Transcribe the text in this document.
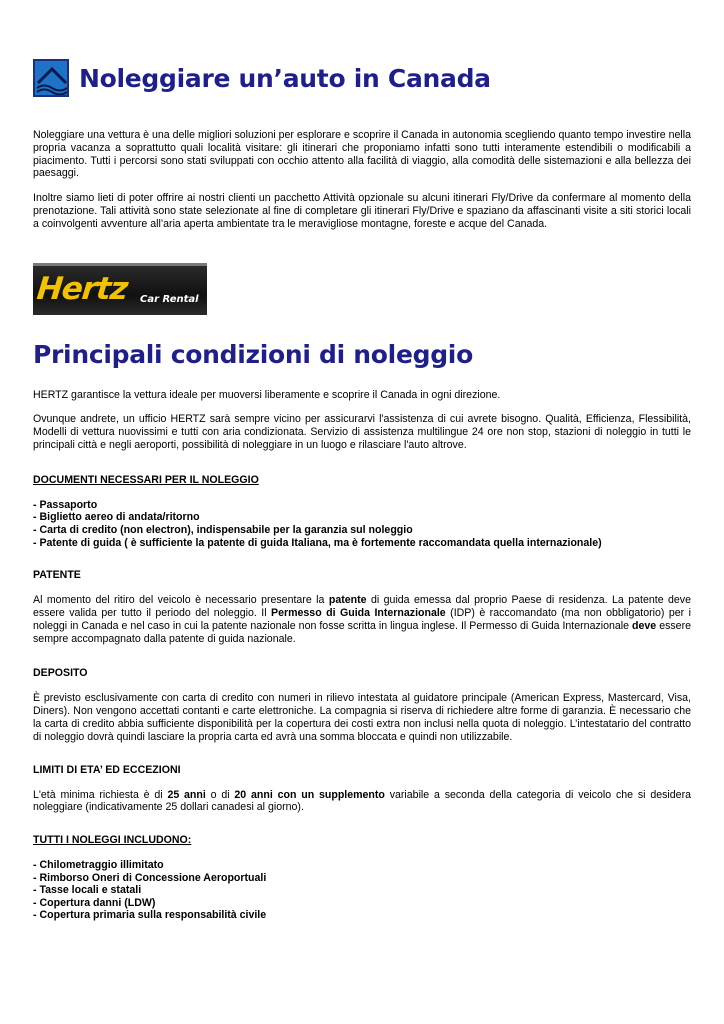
Noleggiare un’auto in Canada

Noleggiare una vettura è una delle migliori soluzioni per esplorare e scoprire il Canada in autonomia scegliendo quanto tempo investire nella propria vacanza a soprattutto quali località visitare: gli itinerari che proponiamo infatti sono tutti interamente estendibili o modificabili a piacimento. Tutti i percorsi sono stati sviluppati con occhio attento alla facilità di viaggio, alla comodità delle sistemazioni e alla bellezza dei paesaggi.

Inoltre siamo lieti di poter offrire ai nostri clienti un pacchetto Attività opzionale su alcuni itinerari Fly/Drive da confermare al momento della prenotazione. Tali attività sono state selezionate al fine di completare gli itinerari Fly/Drive e spaziano da affascinanti visite a siti storici locali a coinvolgenti avventure all’aria aperta ambientate tra le meravigliose montagne, foreste e acque del Canada.

Hertz Car Rental
Principali condizioni di noleggio

HERTZ garantisce la vettura ideale per muoversi liberamente e scoprire il Canada in ogni direzione.

Ovunque andrete, un ufficio HERTZ sarà sempre vicino per assicurarvi l'assistenza di cui avrete bisogno. Qualità, Efficienza, Flessibilità, Modelli di vettura nuovissimi e tutti con aria condizionata. Servizio di assistenza multilingue 24 ore non stop, stazioni di noleggio in tutti le principali città e negli aeroporti, possibilità di noleggiare in un luogo e rilasciare l'auto altrove.

DOCUMENTI NECESSARI PER IL NOLEGGIO
- Passaporto
- Biglietto aereo di andata/ritorno
- Carta di credito (non electron), indispensabile per la garanzia sul noleggio
- Patente di guida ( è sufficiente la patente di guida Italiana, ma è fortemente raccomandata quella internazionale)
PATENTE

Al momento del ritiro del veicolo è necessario presentare la patente di guida emessa dal proprio Paese di residenza. La patente deve essere valida per tutto il periodo del noleggio. Il Permesso di Guida Internazionale (IDP) è raccomandato (ma non obbligatorio) per i noleggi in Canada e nel caso in cui la patente nazionale non fosse scritta in lingua inglese. Il Permesso di Guida Internazionale deve essere sempre accompagnato dalla patente di guida nazionale.

DEPOSITO

È previsto esclusivamente con carta di credito con numeri in rilievo intestata al guidatore principale (American Express, Mastercard, Visa, Diners). Non vengono accettati contanti e carte elettroniche. La compagnia si riserva di richiedere altre forme di garanzia. È necessario che la carta di credito abbia sufficiente disponibilità per la copertura dei costi extra non inclusi nella quota di noleggio. L’intestatario del contratto di noleggio dovrà quindi lasciare la propria carta ed avrà una somma bloccata e quindi non utilizzabile.

LIMITI DI ETA’ ED ECCEZIONI

L'età minima richiesta è di 25 anni o di 20 anni con un supplemento variabile a seconda della categoria di veicolo che si desidera noleggiare (indicativamente 25 dollari canadesi al giorno).

TUTTI I NOLEGGI INCLUDONO:
- Chilometraggio illimitato
- Rimborso Oneri di Concessione Aeroportuali
- Tasse locali e statali
- Copertura danni (LDW)
- Copertura primaria sulla responsabilità civile
